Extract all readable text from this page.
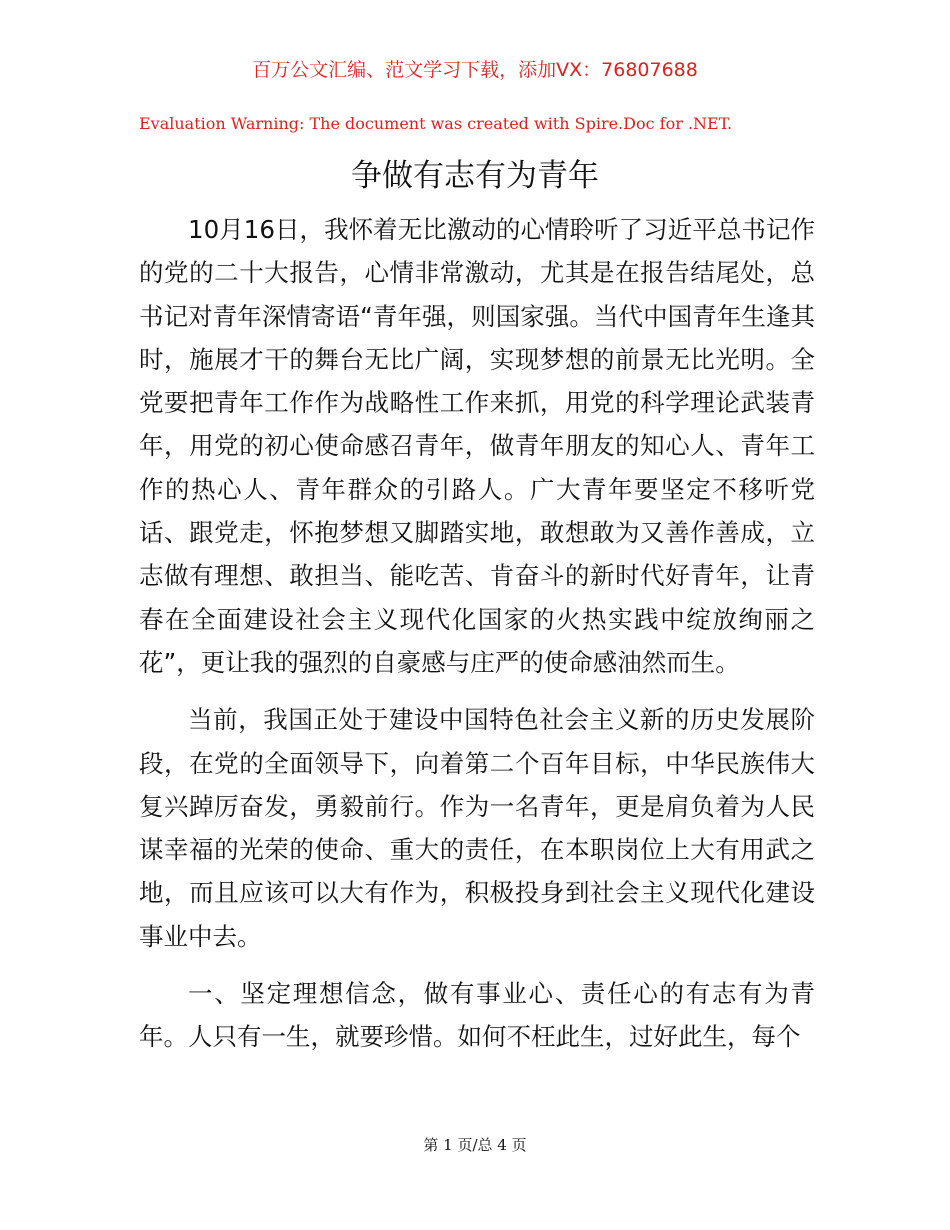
百万公文汇编、范文学习下载，添加VX：76807688
Evaluation Warning: The document was created with Spire.Doc for .NET.
争做有志有为青年

10月16日，我怀着无比激动的心情聆听了习近平总书记作的党的二十大报告，心情非常激动，尤其是在报告结尾处，总书记对青年深情寄语“青年强，则国家强。当代中国青年生逢其时，施展才干的舞台无比广阔，实现梦想的前景无比光明。全党要把青年工作作为战略性工作来抓，用党的科学理论武装青年，用党的初心使命感召青年，做青年朋友的知心人、青年工作的热心人、青年群众的引路人。广大青年要坚定不移听党话、跟党走，怀抱梦想又脚踏实地，敢想敢为又善作善成，立志做有理想、敢担当、能吃苦、肯奋斗的新时代好青年，让青春在全面建设社会主义现代化国家的火热实践中绽放绚丽之花”，更让我的强烈的自豪感与庄严的使命感油然而生。

当前，我国正处于建设中国特色社会主义新的历史发展阶段，在党的全面领导下，向着第二个百年目标，中华民族伟大复兴踔厉奋发，勇毅前行。作为一名青年，更是肩负着为人民谋幸福的光荣的使命、重大的责任，在本职岗位上大有用武之地，而且应该可以大有作为，积极投身到社会主义现代化建设事业中去。

一、坚定理想信念，做有事业心、责任心的有志有为青年。人只有一生，就要珍惜。如何不枉此生，过好此生，每个

第 1 页/总 4 页
